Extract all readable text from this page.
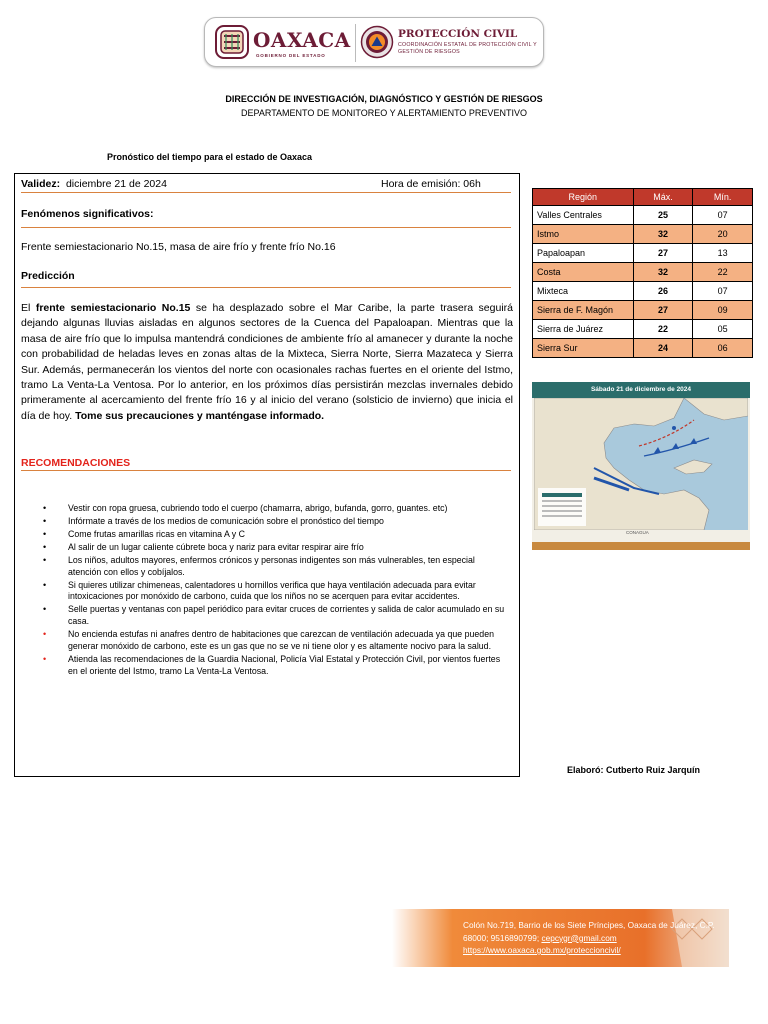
OAXACA
GOBIERNO DEL ESTADO
PROTECCIÓN CIVIL
COORDINACIÓN ESTATAL DE PROTECCIÓN CIVIL Y GESTIÓN DE RIESGOS
DIRECCIÓN DE INVESTIGACIÓN, DIAGNÓSTICO Y GESTIÓN DE RIESGOS
DEPARTAMENTO DE MONITOREO Y ALERTAMIENTO PREVENTIVO
Pronóstico del tiempo para el estado de Oaxaca
Validez: diciembre 21 de 2024	Hora de emisión: 06h
Fenómenos significativos:
Frente semiestacionario No.15, masa de aire frío y frente frío No.16
Predicción

El frente semiestacionario No.15 se ha desplazado sobre el Mar Caribe, la parte trasera seguirá dejando algunas lluvias aisladas en algunos sectores de la Cuenca del Papaloapan. Mientras que la masa de aire frío que lo impulsa mantendrá condiciones de ambiente frío al amanecer y durante la noche con probabilidad de heladas leves en zonas altas de la Mixteca, Sierra Norte, Sierra Mazateca y Sierra Sur. Además, permanecerán los vientos del norte con ocasionales rachas fuertes en el oriente del Istmo, tramo La Venta-La Ventosa. Por lo anterior, en los próximos días persistirán mezclas invernales debido primeramente al acercamiento del frente frío 16 y al inicio del verano (solsticio de invierno) que inicia el día de hoy. Tome sus precauciones y manténgase informado.

RECOMENDACIONES
• Vestir con ropa gruesa, cubriendo todo el cuerpo (chamarra, abrigo, bufanda, gorro, guantes. etc)
• Infórmate a través de los medios de comunicación sobre el pronóstico del tiempo
• Come frutas amarillas ricas en vitamina A y C
• Al salir de un lugar caliente cúbrete boca y nariz para evitar respirar aire frío
• Los niños, adultos mayores, enfermos crónicos y personas indigentes son más vulnerables, ten especial atención con ellos y cobíjalos.
• Si quieres utilizar chimeneas, calentadores u hornillos verifica que haya ventilación adecuada para evitar intoxicaciones por monóxido de carbono, cuida que los niños no se acerquen para evitar accidentes.
• Selle puertas y ventanas con papel periódico para evitar cruces de corrientes y salida de calor acumulado en su casa.
• No encienda estufas ni anafres dentro de habitaciones que carezcan de ventilación adecuada ya que pueden generar monóxido de carbono, este es un gas que no se ve ni tiene olor y es altamente nocivo para la salud.
• Atienda las recomendaciones de la Guardia Nacional, Policía Vial Estatal y Protección Civil, por vientos fuertes en el oriente del Istmo, tramo La Venta-La Ventosa.
Región	Máx.	Mín.
Valles Centrales	25	07
Istmo	32	20
Papaloapan	27	13
Costa	32	22
Mixteca	26	07
Sierra de F. Magón	27	09
Sierra de Juárez	22	05
Sierra Sur	24	06
Sábado 21 de diciembre de 2024
CONAGUA
Elaboró: Cutberto Ruiz Jarquín
Colón No.719, Barrio de los Siete Príncipes, Oaxaca de Juárez, C.P. 68000; 9516890799; cepcygr@gmail.com
https://www.oaxaca.gob.mx/proteccioncivil/
